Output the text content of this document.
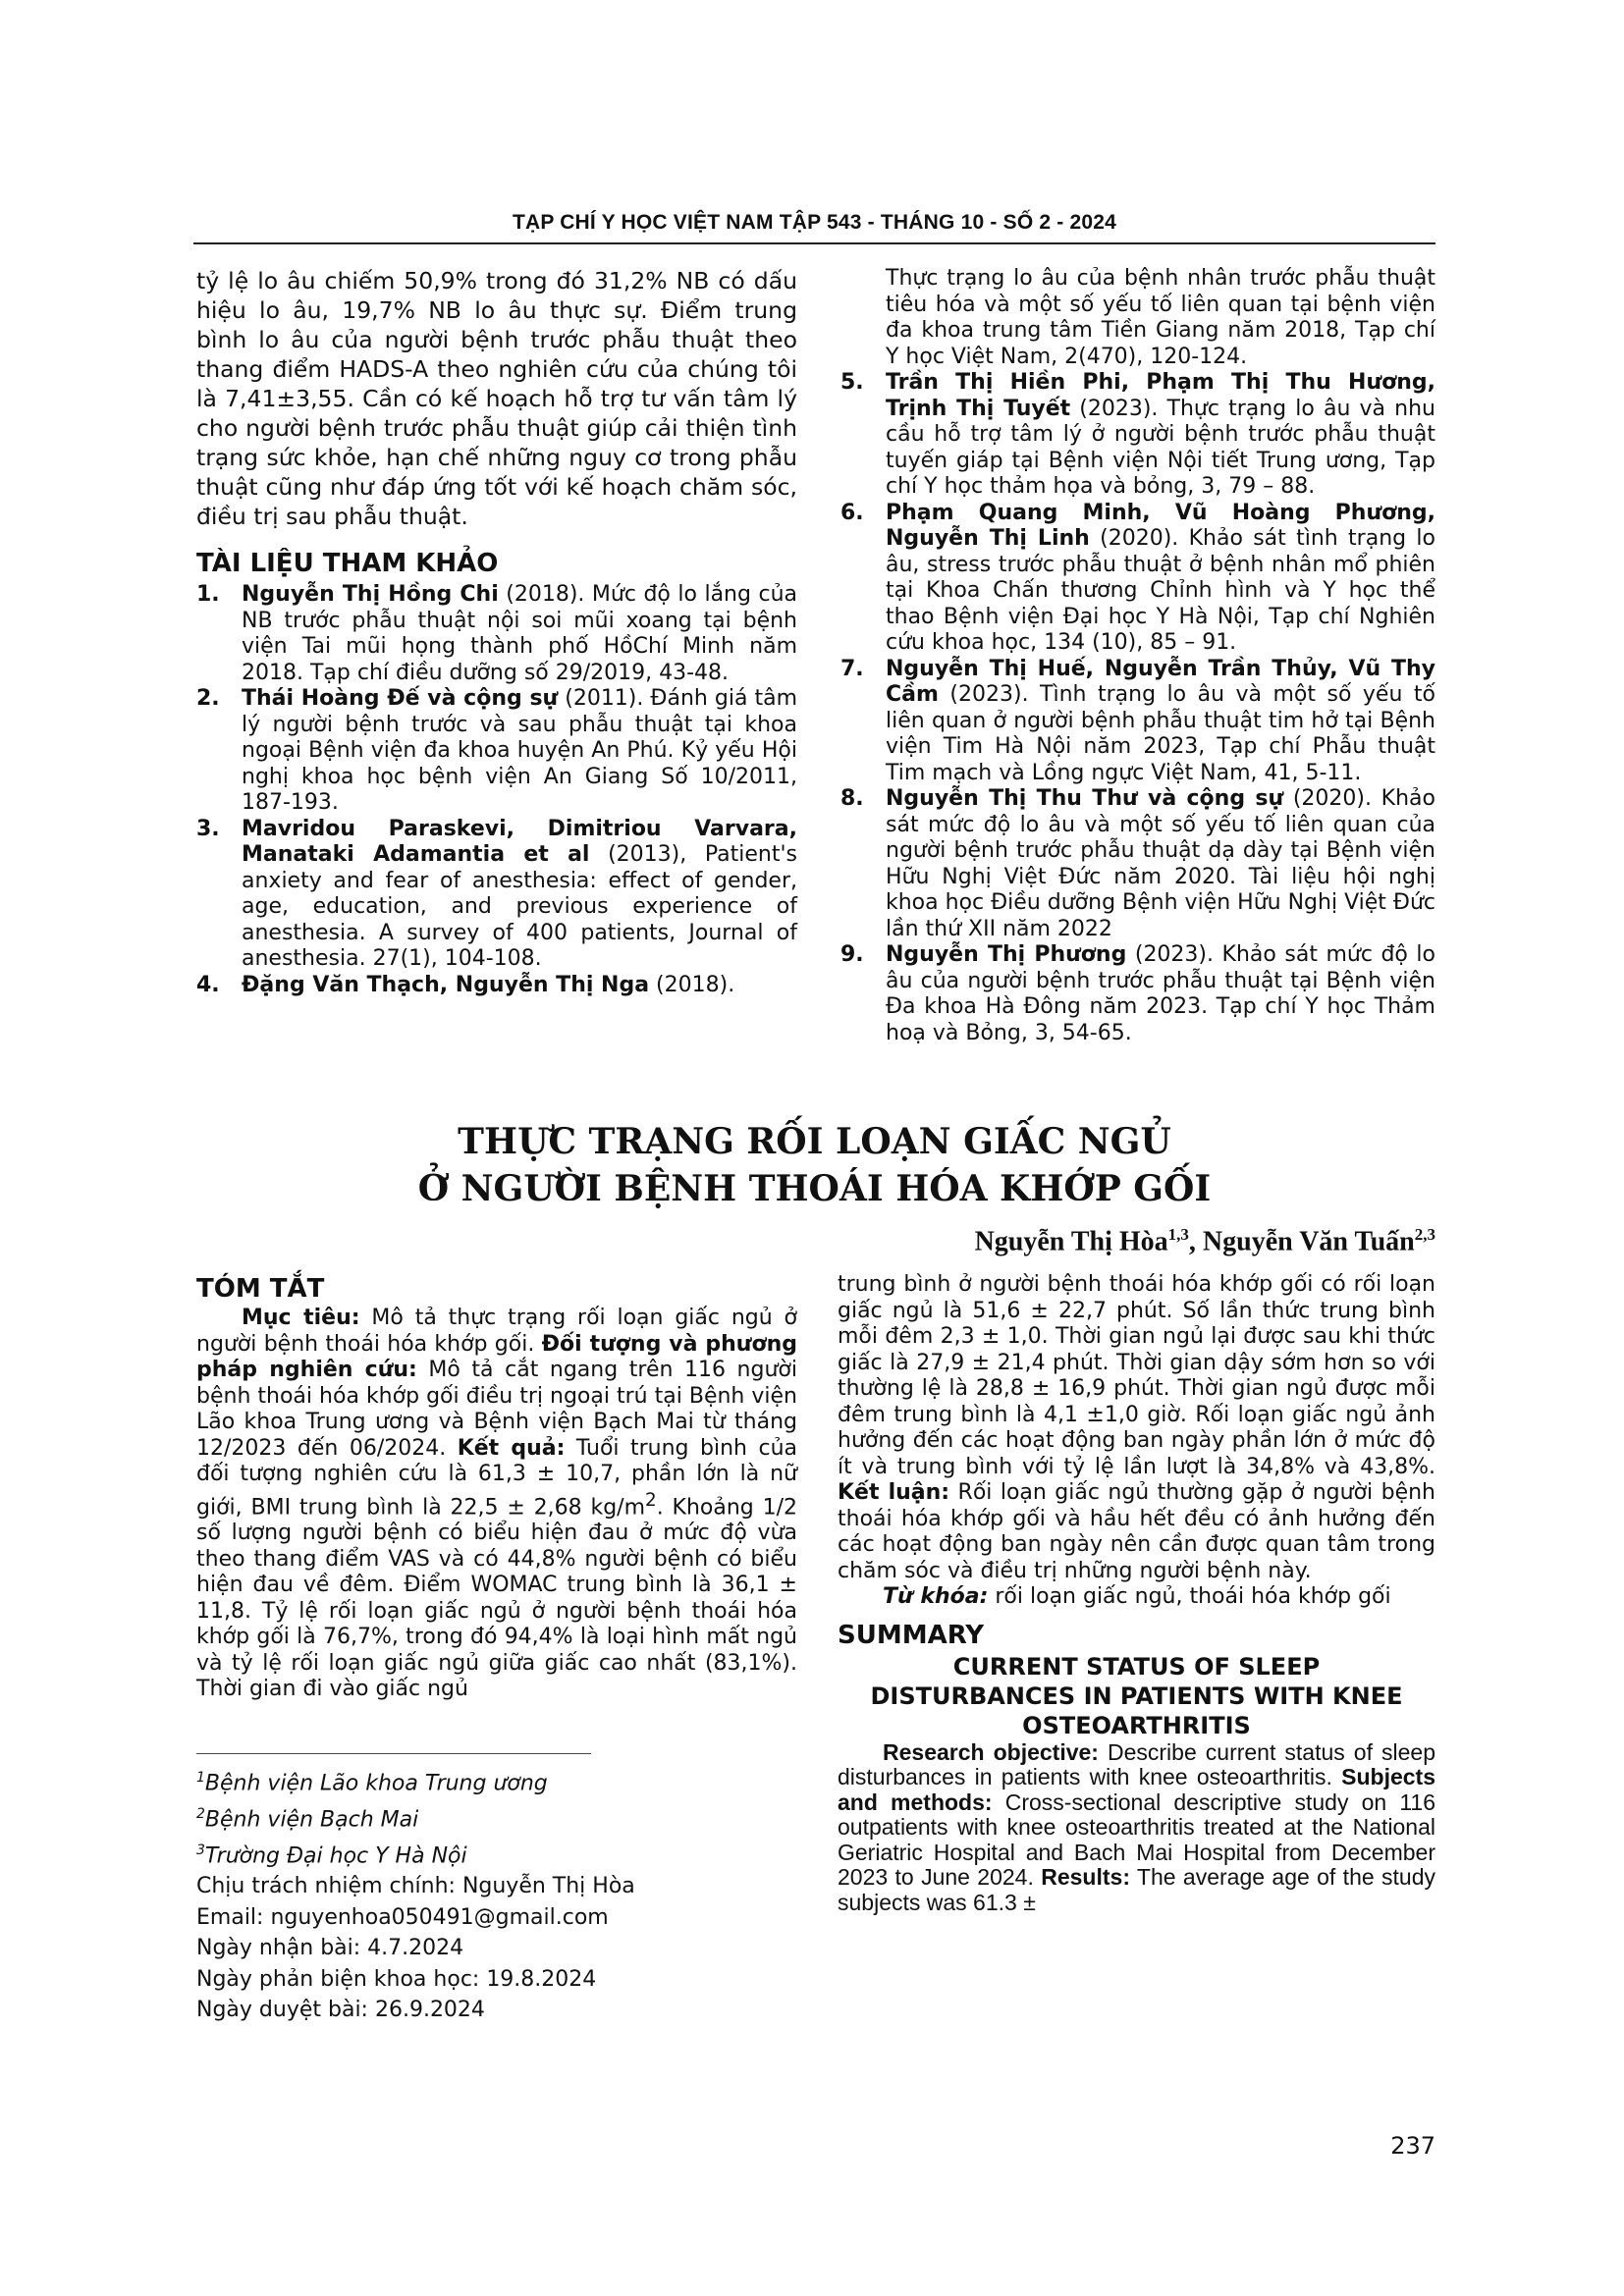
TẠP CHÍ Y HỌC VIỆT NAM TẬP 543 - THÁNG 10 - SỐ 2 - 2024

tỷ lệ lo âu chiếm 50,9% trong đó 31,2% NB có dấu hiệu lo âu, 19,7% NB lo âu thực sự. Điểm trung bình lo âu của người bệnh trước phẫu thuật theo thang điểm HADS-A theo nghiên cứu của chúng tôi là 7,41±3,55. Cần có kế hoạch hỗ trợ tư vấn tâm lý cho người bệnh trước phẫu thuật giúp cải thiện tình trạng sức khỏe, hạn chế những nguy cơ trong phẫu thuật cũng như đáp ứng tốt với kế hoạch chăm sóc, điều trị sau phẫu thuật.

TÀI LIỆU THAM KHẢO
1.	Nguyễn Thị Hồng Chi (2018). Mức độ lo lắng của NB trước phẫu thuật nội soi mũi xoang tại bệnh viện Tai mũi họng thành phố HồChí Minh năm 2018. Tạp chí điều dưỡng số 29/2019, 43-48.
2.	Thái Hoàng Đế và cộng sự (2011). Đánh giá tâm lý người bệnh trước và sau phẫu thuật tại khoa ngoại Bệnh viện đa khoa huyện An Phú. Kỷ yếu Hội nghị khoa học bệnh viện An Giang Số 10/2011, 187-193.
3.	Mavridou Paraskevi, Dimitriou Varvara, Manataki Adamantia et al (2013), Patient's anxiety and fear of anesthesia: effect of gender, age, education, and previous experience of anesthesia. A survey of 400 patients, Journal of anesthesia. 27(1), 104-108.
4.	Đặng Văn Thạch, Nguyễn Thị Nga (2018).

Thực trạng lo âu của bệnh nhân trước phẫu thuật tiêu hóa và một số yếu tố liên quan tại bệnh viện đa khoa trung tâm Tiền Giang năm 2018, Tạp chí Y học Việt Nam, 2(470), 120-124.

5.	Trần Thị Hiền Phi, Phạm Thị Thu Hương, Trịnh Thị Tuyết (2023). Thực trạng lo âu và nhu cầu hỗ trợ tâm lý ở người bệnh trước phẫu thuật tuyến giáp tại Bệnh viện Nội tiết Trung ương, Tạp chí Y học thảm họa và bỏng, 3, 79 – 88.
6.	Phạm Quang Minh, Vũ Hoàng Phương, Nguyễn Thị Linh (2020). Khảo sát tình trạng lo âu, stress trước phẫu thuật ở bệnh nhân mổ phiên tại Khoa Chấn thương Chỉnh hình và Y học thể thao Bệnh viện Đại học Y Hà Nội, Tạp chí Nghiên cứu khoa học, 134 (10), 85 – 91.
7.	Nguyễn Thị Huế, Nguyễn Trần Thủy, Vũ Thy Cầm (2023). Tình trạng lo âu và một số yếu tố liên quan ở người bệnh phẫu thuật tim hở tại Bệnh viện Tim Hà Nội năm 2023, Tạp chí Phẫu thuật Tim mạch và Lồng ngực Việt Nam, 41, 5-11.
8.	Nguyễn Thị Thu Thư và cộng sự (2020). Khảo sát mức độ lo âu và một số yếu tố liên quan của người bệnh trước phẫu thuật dạ dày tại Bệnh viện Hữu Nghị Việt Đức năm 2020. Tài liệu hội nghị khoa học Điều dưỡng Bệnh viện Hữu Nghị Việt Đức lần thứ XII năm 2022
9.	Nguyễn Thị Phương (2023). Khảo sát mức độ lo âu của người bệnh trước phẫu thuật tại Bệnh viện Đa khoa Hà Đông năm 2023. Tạp chí Y học Thảm hoạ và Bỏng, 3, 54-65.
THỰC TRẠNG RỐI LOẠN GIẤC NGỦ
Ở NGƯỜI BỆNH THOÁI HÓA KHỚP GỐI
Nguyễn Thị Hòa$^{1,3}$, Nguyễn Văn Tuấn$^{2,3}$
TÓM TẮT

Mục tiêu: Mô tả thực trạng rối loạn giấc ngủ ở người bệnh thoái hóa khớp gối. Đối tượng và phương pháp nghiên cứu: Mô tả cắt ngang trên 116 người bệnh thoái hóa khớp gối điều trị ngoại trú tại Bệnh viện Lão khoa Trung ương và Bệnh viện Bạch Mai từ tháng 12/2023 đến 06/2024. Kết quả: Tuổi trung bình của đối tượng nghiên cứu là 61,3 ± 10,7, phần lớn là nữ giới, BMI trung bình là 22,5 ± 2,68 $kg/m^2$. Khoảng 1/2 số lượng người bệnh có biểu hiện đau ở mức độ vừa theo thang điểm VAS và có 44,8% người bệnh có biểu hiện đau về đêm. Điểm WOMAC trung bình là 36,1 ± 11,8. Tỷ lệ rối loạn giấc ngủ ở người bệnh thoái hóa khớp gối là 76,7%, trong đó 94,4% là loại hình mất ngủ và tỷ lệ rối loạn giấc ngủ giữa giấc cao nhất (83,1%). Thời gian đi vào giấc ngủ

$^1$Bệnh viện Lão khoa Trung ương
$^2$Bệnh viện Bạch Mai
$^3$Trường Đại học Y Hà Nội
Chịu trách nhiệm chính: Nguyễn Thị Hòa
Email: nguyenhoa050491@gmail.com
Ngày nhận bài: 4.7.2024
Ngày phản biện khoa học: 19.8.2024
Ngày duyệt bài: 26.9.2024

trung bình ở người bệnh thoái hóa khớp gối có rối loạn giấc ngủ là 51,6 ± 22,7 phút. Số lần thức trung bình mỗi đêm 2,3 ± 1,0. Thời gian ngủ lại được sau khi thức giấc là 27,9 ± 21,4 phút. Thời gian dậy sớm hơn so với thường lệ là 28,8 ± 16,9 phút. Thời gian ngủ được mỗi đêm trung bình là 4,1 ±1,0 giờ. Rối loạn giấc ngủ ảnh hưởng đến các hoạt động ban ngày phần lớn ở mức độ ít và trung bình với tỷ lệ lần lượt là 34,8% và 43,8%. Kết luận: Rối loạn giấc ngủ thường gặp ở người bệnh thoái hóa khớp gối và hầu hết đều có ảnh hưởng đến các hoạt động ban ngày nên cần được quan tâm trong chăm sóc và điều trị những người bệnh này.

Từ khóa: rối loạn giấc ngủ, thoái hóa khớp gối

SUMMARY
CURRENT STATUS OF SLEEP
DISTURBANCES IN PATIENTS WITH KNEE
OSTEOARTHRITIS

Research objective: Describe current status of sleep disturbances in patients with knee osteoarthritis. Subjects and methods: Cross-sectional descriptive study on 116 outpatients with knee osteoarthritis treated at the National Geriatric Hospital and Bach Mai Hospital from December 2023 to June 2024. Results: The average age of the study subjects was 61.3 ±

237
